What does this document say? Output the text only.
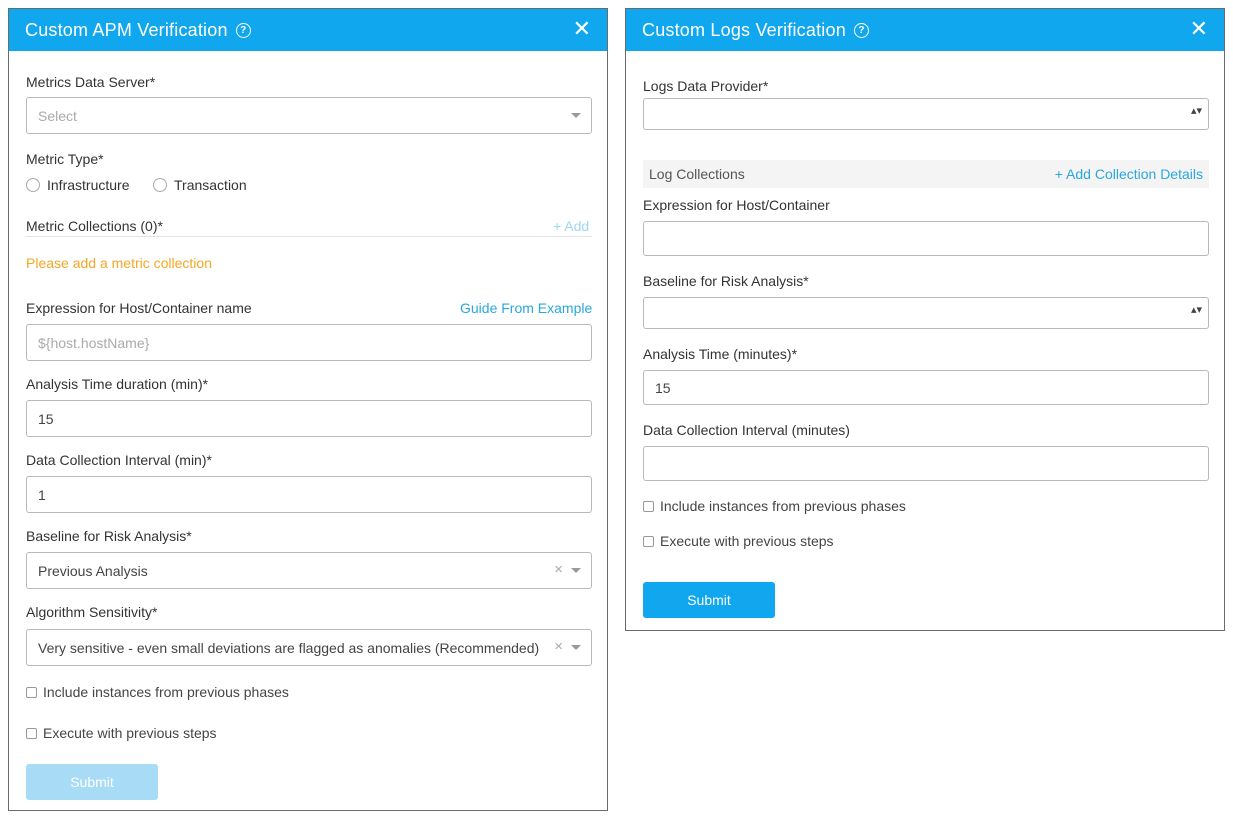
Custom APM Verification	?	✕
Metrics Data Server*
Select
Metric Type*
Infrastructure	Transaction
Metric Collections (0)*	+ Add
Please add a metric collection
Expression for Host/Container name	Guide From Example
${host.hostName}
Analysis Time duration (min)*
15
Data Collection Interval (min)*
1
Baseline for Risk Analysis*
Previous Analysis	×
Algorithm Sensitivity*
Very sensitive - even small deviations are flagged as anomalies (Recommended) ×
Include instances from previous phases
Execute with previous steps
Submit
Custom Logs Verification	?	✕
Logs Data Provider*
▴▾
Log Collections	+ Add Collection Details
Expression for Host/Container
Baseline for Risk Analysis*
▴▾
Analysis Time (minutes)*
15
Data Collection Interval (minutes)
Include instances from previous phases
Execute with previous steps
Submit
